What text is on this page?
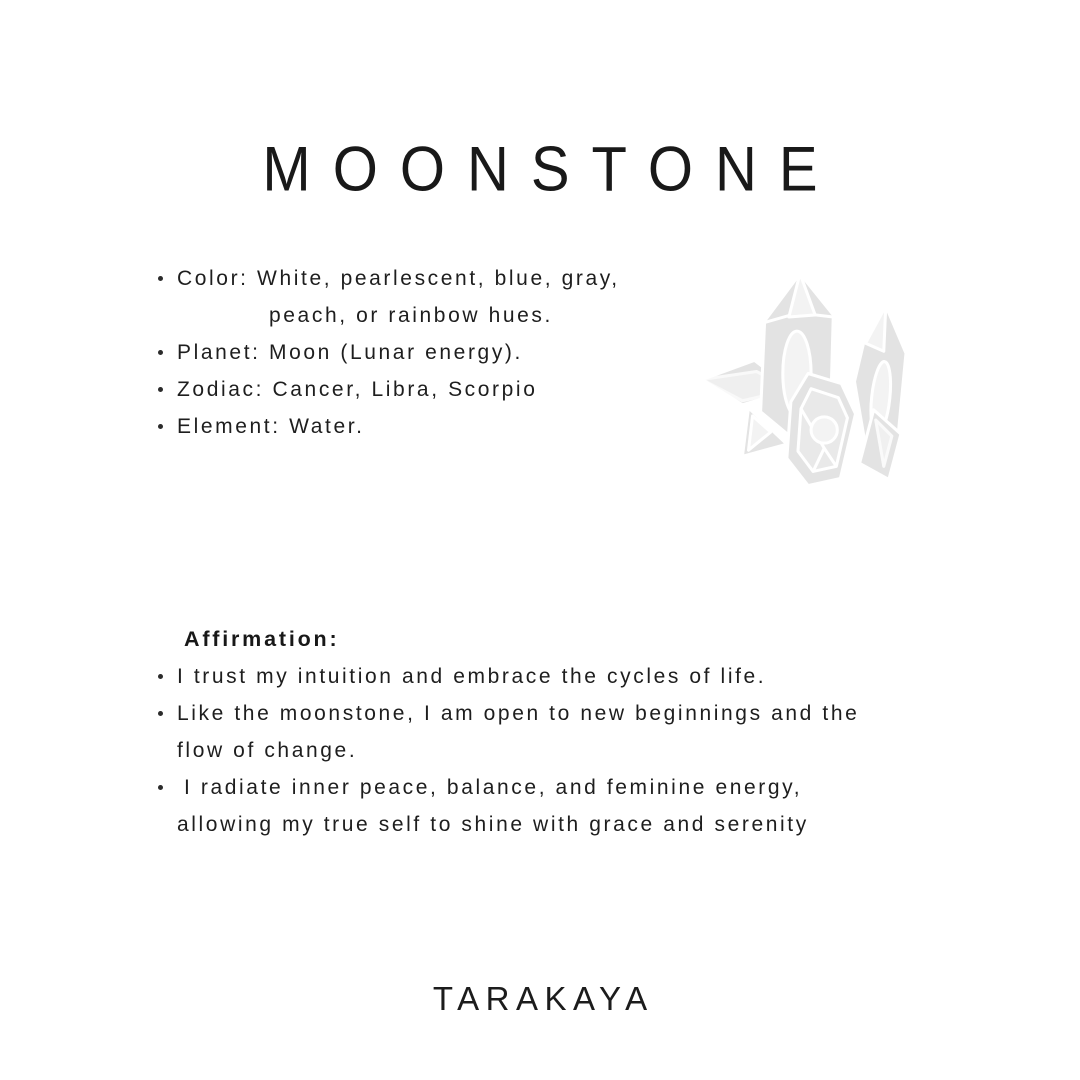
MOONSTONE
Color: White, pearlescent, blue, gray,
peach, or rainbow hues.
Planet: Moon (Lunar energy).
Zodiac: Cancer, Libra, Scorpio
Element: Water.
Affirmation:
I trust my intuition and embrace the cycles of life.
Like the moonstone, I am open to new beginnings and the
flow of change.
I radiate inner peace, balance, and feminine energy,
allowing my true self to shine with grace and serenity
TARAKAYA
